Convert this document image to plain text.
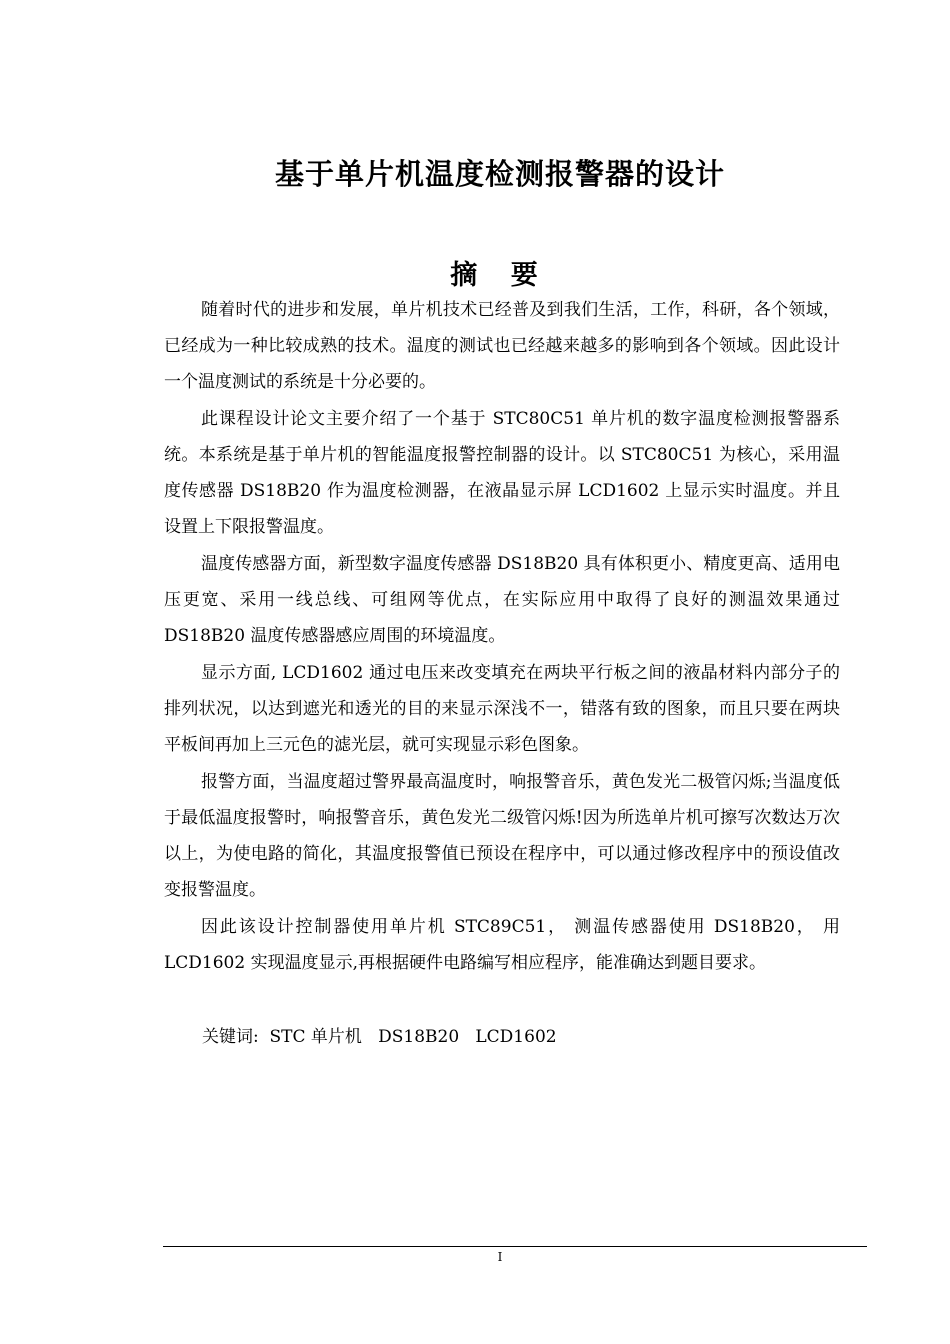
基于单片机温度检测报警器的设计
摘 要

随着时代的进步和发展，单片机技术已经普及到我们生活，工作，科研，各个领域，已经成为一种比较成熟的技术。温度的测试也已经越来越多的影响到各个领域。因此设计一个温度测试的系统是十分必要的。

此课程设计论文主要介绍了一个基于 STC80C51 单片机的数字温度检测报警器系统。本系统是基于单片机的智能温度报警控制器的设计。以 STC80C51 为核心，采用温度传感器 DS18B20 作为温度检测器，在液晶显示屏 LCD1602 上显示实时温度。并且设置上下限报警温度。

温度传感器方面，新型数字温度传感器 DS18B20 具有体积更小、精度更高、适用电压更宽、采用一线总线、可组网等优点，在实际应用中取得了良好的测温效果通过 DS18B20 温度传感器感应周围的环境温度。

显示方面, LCD1602 通过电压来改变填充在两块平行板之间的液晶材料内部分子的排列状况，以达到遮光和透光的目的来显示深浅不一，错落有致的图象，而且只要在两块平板间再加上三元色的滤光层，就可实现显示彩色图象。

报警方面，当温度超过警界最高温度时，响报警音乐，黄色发光二极管闪烁;当温度低于最低温度报警时，响报警音乐，黄色发光二级管闪烁!因为所选单片机可擦写次数达万次以上，为使电路的简化，其温度报警值已预设在程序中，可以通过修改程序中的预设值改变报警温度。

因此该设计控制器使用单片机 STC89C51， 测温传感器使用 DS18B20， 用LCD1602 实现温度显示,再根据硬件电路编写相应程序，能准确达到题目要求。

关键词:  STC 单片机   DS18B20   LCD1602
I
